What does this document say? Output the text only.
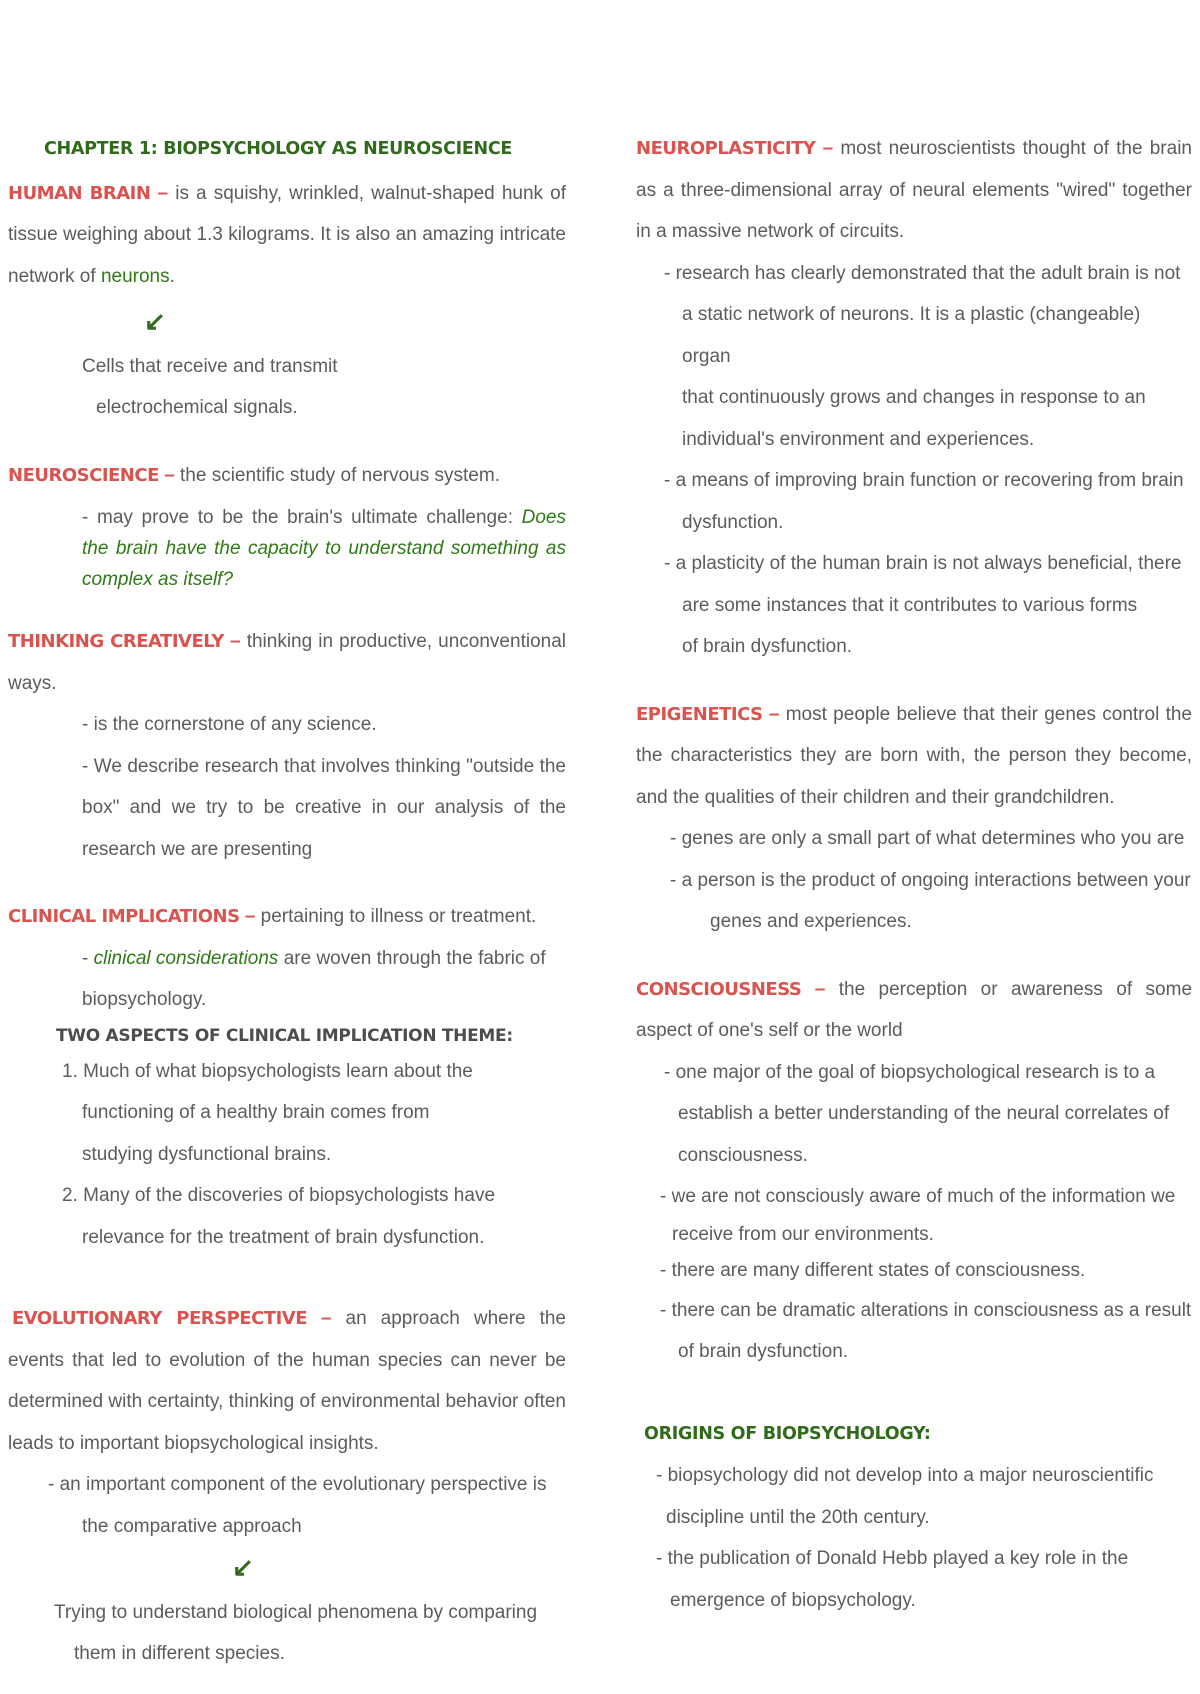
CHAPTER 1: BIOPSYCHOLOGY AS NEUROSCIENCE

HUMAN BRAIN – is a squishy, wrinkled, walnut-shaped hunk of tissue weighing about 1.3 kilograms. It is also an amazing intricate network of neurons.

↙

Cells that receive and transmit

electrochemical signals.

NEUROSCIENCE – the scientific study of nervous system.

- may prove to be the brain's ultimate challenge: Does the brain have the capacity to understand something as complex as itself?

THINKING CREATIVELY – thinking in productive, unconventional ways.

- is the cornerstone of any science.

- We describe research that involves thinking "outside the box" and we try to be creative in our analysis of the research we are presenting

CLINICAL IMPLICATIONS – pertaining to illness or treatment.

- clinical considerations are woven through the fabric of biopsychology.

TWO ASPECTS OF CLINICAL IMPLICATION THEME:

1. Much of what biopsychologists learn about the

functioning of a healthy brain comes from

studying dysfunctional brains.

2. Many of the discoveries of biopsychologists have

relevance for the treatment of brain dysfunction.

EVOLUTIONARY PERSPECTIVE – an approach where the events that led to evolution of the human species can never be determined with certainty, thinking of environmental behavior often leads to important biopsychological insights.

- an important component of the evolutionary perspective is

the comparative approach

↙

Trying to understand biological phenomena by comparing

them in different species.

NEUROPLASTICITY – most neuroscientists thought of the brain as a three-dimensional array of neural elements "wired" together in a massive network of circuits.

- research has clearly demonstrated that the adult brain is not

a static network of neurons. It is a plastic (changeable) organ

that continuously grows and changes in response to an

individual's environment and experiences.

- a means of improving brain function or recovering from brain

dysfunction.

- a plasticity of the human brain is not always beneficial, there

are some instances that it contributes to various forms

of brain dysfunction.

EPIGENETICS – most people believe that their genes control the the characteristics they are born with, the person they become, and the qualities of their children and their grandchildren.

- genes are only a small part of what determines who you are

- a person is the product of ongoing interactions between your

genes and experiences.

CONSCIOUSNESS – the perception or awareness of some aspect of one's self or the world

- one major of the goal of biopsychological research is to a

establish a better understanding of the neural correlates of

consciousness.

- we are not consciously aware of much of the information we

receive from our environments.

- there are many different states of consciousness.

- there can be dramatic alterations in consciousness as a result

of brain dysfunction.

ORIGINS OF BIOPSYCHOLOGY:

- biopsychology did not develop into a major neuroscientific

discipline until the 20th century.

- the publication of Donald Hebb played a key role in the

emergence of biopsychology.
